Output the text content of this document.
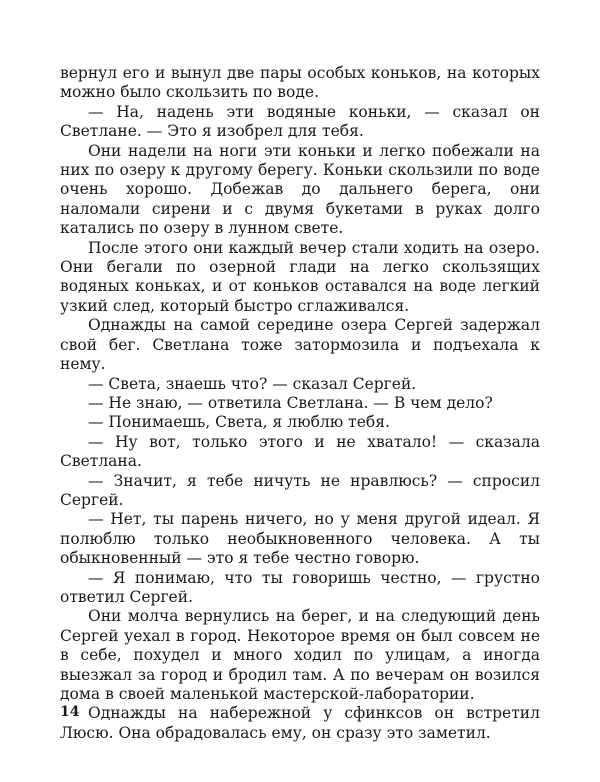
вернул его и вынул две пары особых коньков, на которых можно было скользить по воде.

— На, надень эти водяные коньки, — сказал он Светлане. — Это я изобрел для тебя.

Они надели на ноги эти коньки и легко побежали на них по озеру к другому берегу. Коньки скользили по воде очень хорошо. Добежав до дальнего берега, они наломали сирени и с двумя букетами в руках долго катались по озеру в лунном свете.

После этого они каждый вечер стали ходить на озеро. Они бегали по озерной глади на легко скользящих водяных коньках, и от коньков оставался на воде легкий узкий след, который быстро сглаживался.

Однажды на самой середине озера Сергей задержал свой бег. Светлана тоже затормозила и подъехала к нему.

— Света, знаешь что? — сказал Сергей.

— Не знаю, — ответила Светлана. — В чем дело?

— Понимаешь, Света, я люблю тебя.

— Ну вот, только этого и не хватало! — сказала Светлана.

— Значит, я тебе ничуть не нравлюсь? — спросил Сергей.

— Нет, ты парень ничего, но у меня другой идеал. Я полюблю только необыкновенного человека. А ты обыкновенный — это я тебе честно говорю.

— Я понимаю, что ты говоришь честно, — грустно ответил Сергей.

Они молча вернулись на берег, и на следующий день Сергей уехал в город. Некоторое время он был совсем не в себе, похудел и много ходил по улицам, а иногда выезжал за город и бродил там. А по вечерам он возился дома в своей маленькой мастерской-лаборатории.

Однажды на набережной у сфинксов он встретил Люсю. Она обрадовалась ему, он сразу это заметил.

14
